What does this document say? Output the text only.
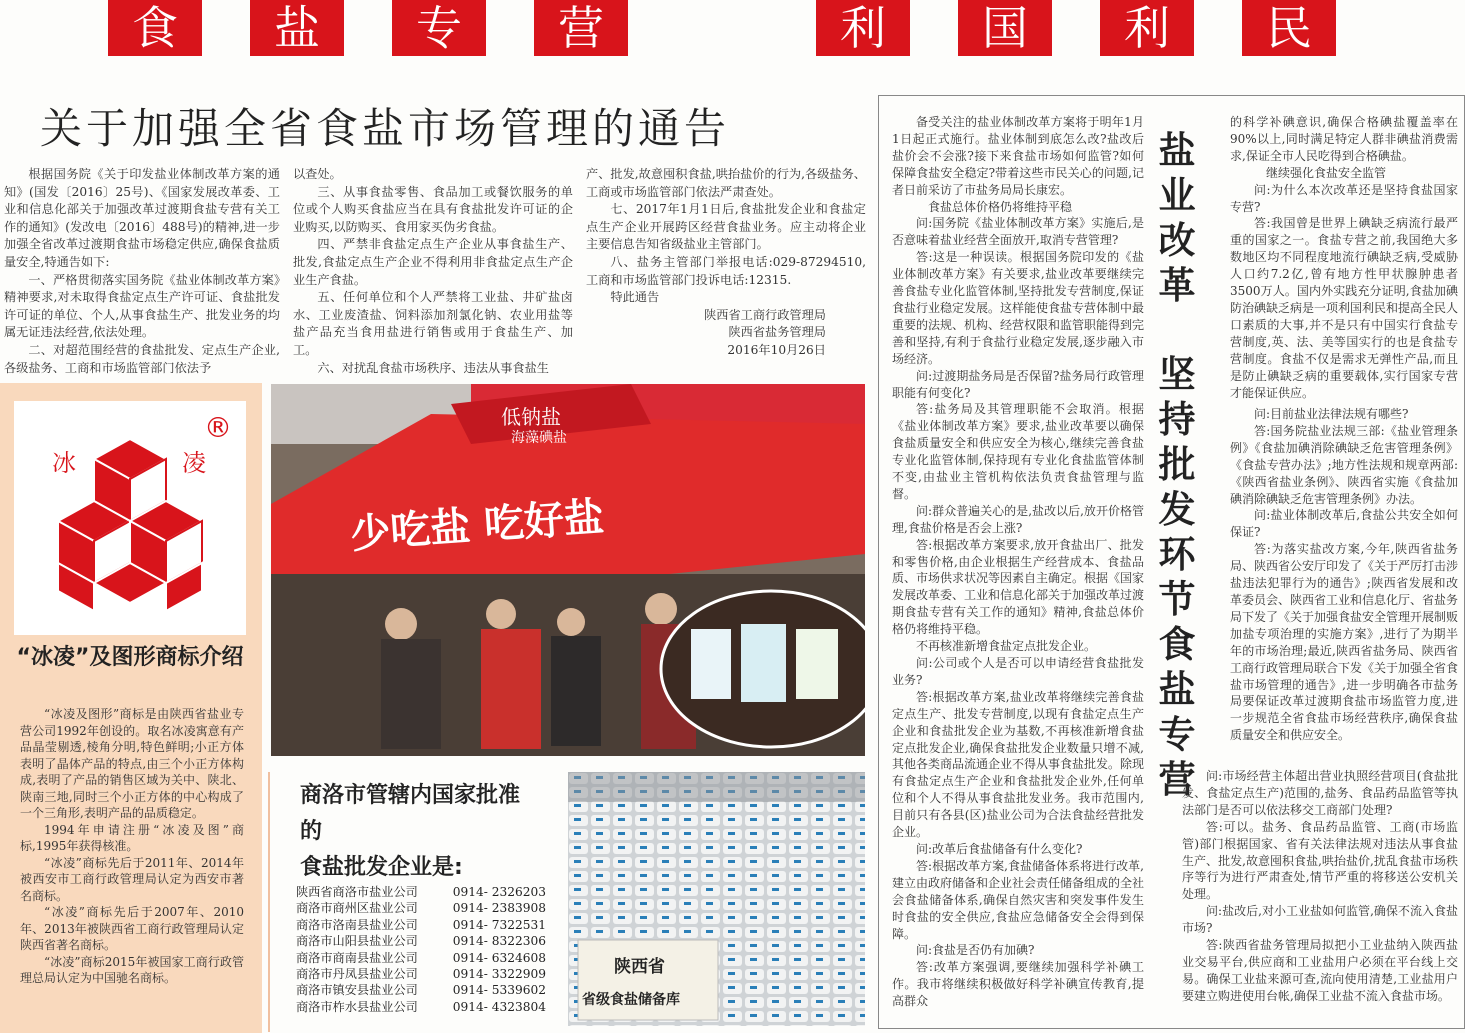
食	盐	专	营	利	国	利	民
关于加强全省食盐市场管理的通告

根据国务院《关于印发盐业体制改革方案的通知》(国发〔2016〕25号)、《国家发展改革委、工业和信息化部关于加强改革过渡期食盐专营有关工作的通知》(发改电〔2016〕488号)的精神,进一步加强全省改革过渡期食盐市场稳定供应,确保食盐质量安全,特通告如下:

一、严格贯彻落实国务院《盐业体制改革方案》精神要求,对未取得食盐定点生产许可证、食盐批发许可证的单位、个人,从事食盐生产、批发业务的均属无证违法经营,依法处理。

二、对超范围经营的食盐批发、定点生产企业,各级盐务、工商和市场监管部门依法予

以查处。

三、从事食盐零售、食品加工或餐饮服务的单位或个人购买食盐应当在具有食盐批发许可证的企业购买,以防购买、食用家买伪劣食盐。

四、严禁非食盐定点生产企业从事食盐生产、批发,食盐定点生产企业不得利用非食盐定点生产企业生产食盐。

五、任何单位和个人严禁将工业盐、井矿盐卤水、工业废渣盐、饲料添加剂氯化钠、农业用盐等盐产品充当食用盐进行销售或用于食盐生产、加工。

六、对扰乱食盐市场秩序、违法从事食盐生

产、批发,故意囤积食盐,哄抬盐价的行为,各级盐务、工商或市场监管部门依法严肃查处。

七、2017年1月1日后,食盐批发企业和食盐定点生产企业开展跨区经营食盐业务。应主动将企业主要信息告知省级盐业主管部门。

八、盐务主管部门举报电话:029-87294510,工商和市场监管部门投诉电话:12315.

特此通告

陕西省工商行政管理局
陕西省盐务管理局
2016年10月26日
冰	凌
®
“冰凌”及图形商标介绍

“冰凌及图形”商标是由陕西省盐业专营公司1992年创设的。取名冰凌寓意有产品晶莹剔透,棱角分明,特色鲜明;小正方体表明了晶体产品的特点,由三个小正方体构成,表明了产品的销售区域为关中、陕北、陕南三地,同时三个小正方体的中心构成了一个三角形,表明产品的品质稳定。

1994年申请注册“冰凌及图”商标,1995年获得核准。

“冰凌”商标先后于2011年、2014年被西安市工商行政管理局认定为西安市著名商标。

“冰凌”商标先后于2007年、2010年、2013年被陕西省工商行政管理局认定陕西省著名商标。

“冰凌”商标2015年被国家工商行政管理总局认定为中国驰名商标。

少吃盐 吃好盐
低钠盐
海藻碘盐
商洛市管辖内国家批准的
食盐批发企业是:
陕西省商洛市盐业公司	0914- 2326203
商洛市商州区盐业公司	0914- 2383908
商洛市洛南县盐业公司	0914- 7322531
商洛市山阳县盐业公司	0914- 8322306
商洛市商南县盐业公司	0914- 6324608
商洛市丹凤县盐业公司	0914- 3322909
商洛市镇安县盐业公司	0914- 5339602
商洛市柞水县盐业公司	0914- 4323804
陕西省
省级食盐储备库

备受关注的盐业体制改革方案将于明年1月1日起正式施行。盐业体制到底怎么改?盐改后盐价会不会涨?接下来食盐市场如何监管?如何保障食盐安全稳定?带着这些市民关心的问题,记者日前采访了市盐务局局长康宏。

食盐总体价格仍将维持平稳

问:国务院《盐业体制改革方案》实施后,是否意味着盐业经营全面放开,取消专营管理?

答:这是一种误读。根据国务院印发的《盐业体制改革方案》有关要求,盐业改革要继续完善食盐专业化监管体制,坚持批发专营制度,保证食盐行业稳定发展。这样能使食盐专营体制中最重要的法规、机构、经营权限和监管职能得到完善和坚持,有利于食盐行业稳定发展,逐步融入市场经济。

问:过渡期盐务局是否保留?盐务局行政管理职能有何变化?

答:盐务局及其管理职能不会取消。根据《盐业体制改革方案》要求,盐业改革要以确保食盐质量安全和供应安全为核心,继续完善食盐专业化监管体制,保持现有专业化食盐监管体制不变,由盐业主管机构依法负责食盐管理与监督。

问:群众普遍关心的是,盐改以后,放开价格管理,食盐价格是否会上涨?

答:根据改革方案要求,放开食盐出厂、批发和零售价格,由企业根据生产经营成本、食盐品质、市场供求状况等因素自主确定。根据《国家发展改革委、工业和信息化部关于加强改革过渡期食盐专营有关工作的通知》精神,食盐总体价格仍将维持平稳。

不再核准新增食盐定点批发企业。

问:公司或个人是否可以申请经营食盐批发业务?

答:根据改革方案,盐业改革将继续完善食盐定点生产、批发专营制度,以现有食盐定点生产企业和食盐批发企业为基数,不再核准新增食盐定点批发企业,确保食盐批发企业数量只增不减,其他各类商品流通企业不得从事食盐批发。除现有食盐定点生产企业和食盐批发企业外,任何单位和个人不得从事食盐批发业务。我市范围内,目前只有各县(区)盐业公司为合法食盐经营批发企业。

问:改革后食盐储备有什么变化?

答:根据改革方案,食盐储备体系将进行改革,建立由政府储备和企业社会责任储备组成的全社会食盐储备体系,确保自然灾害和突发事件发生时食盐的安全供应,食盐应急储备安全会得到保障。

问:食盐是否仍有加碘?

答:改革方案强调,要继续加强科学补碘工作。我市将继续积极做好科学补碘宣传教育,提高群众

盐
业
改
革
坚
持
批
发
环
节
食
盐
专
营

的科学补碘意识,确保合格碘盐覆盖率在90%以上,同时满足特定人群非碘盐消费需求,保证全市人民吃得到合格碘盐。

继续强化食盐安全监管

问:为什么本次改革还是坚持食盐国家专营?

答:我国曾是世界上碘缺乏病流行最严重的国家之一。食盐专营之前,我国绝大多数地区均不同程度地流行碘缺乏病,受威胁人口约7.2亿,曾有地方性甲状腺肿患者3500万人。国内外实践充分证明,食盐加碘防治碘缺乏病是一项利国利民和提高全民人口素质的大事,并不是只有中国实行食盐专营制度,英、法、美等国实行的也是食盐专营制度。食盐不仅是需求无弹性产品,而且是防止碘缺乏病的重要载体,实行国家专营才能保证供应。

问:目前盐业法律法规有哪些?

答:国务院盐业法规三部:《盐业管理条例》《食盐加碘消除碘缺乏危害管理条例》《食盐专营办法》;地方性法规和规章两部:《陕西省盐业条例》、陕西省实施《食盐加碘消除碘缺乏危害管理条例》办法。

问:盐业体制改革后,食盐公共安全如何保证?

答:为落实盐改方案,今年,陕西省盐务局、陕西省公安厅印发了《关于严厉打击涉盐违法犯罪行为的通告》;陕西省发展和改革委员会、陕西省工业和信息化厅、省盐务局下发了《关于加强食盐安全管理开展制贩加盐专项治理的实施方案》,进行了为期半年的市场治理;最近,陕西省盐务局、陕西省工商行政管理局联合下发《关于加强全省食盐市场管理的通告》,进一步明确各市盐务局要保证改革过渡期食盐市场监管力度,进一步规范全省食盐市场经营秩序,确保食盐质量安全和供应安全。

问:市场经营主体超出营业执照经营项目(食盐批发、食盐定点生产)范围的,盐务、食品药品监管等执法部门是否可以依法移交工商部门处理?

答:可以。盐务、食品药品监管、工商(市场监管)部门根据国家、省有关法律法规对违法从事食盐生产、批发,故意囤积食盐,哄抬盐价,扰乱食盐市场秩序等行为进行严肃查处,情节严重的将移送公安机关处理。

问:盐改后,对小工业盐如何监管,确保不流入食盐市场?

答:陕西省盐务管理局拟把小工业盐纳入陕西盐业交易平台,供应商和工业盐用户必须在平台线上交易。确保工业盐来源可查,流向使用清楚,工业盐用户要建立购进使用台帐,确保工业盐不流入食盐市场。
